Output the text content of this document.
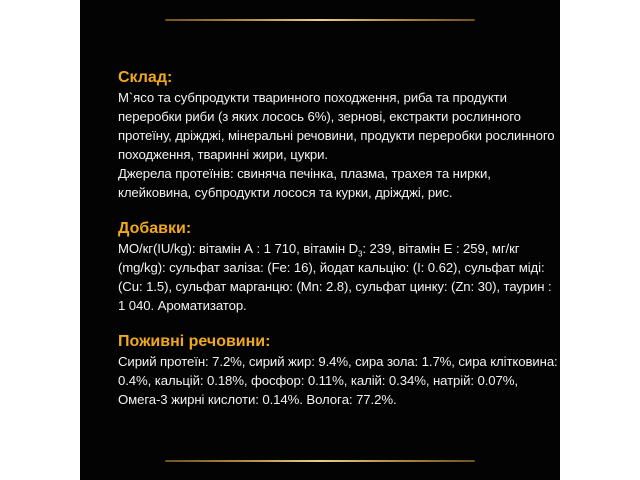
Склад:

М`ясо та субпродукти тваринного походження, риба та продукти переробки риби (з яких лосось 6%), зернові, екстракти рослинного протеїну, дріжджі, мінеральні речовини, продукти переробки рослинного походження, тваринні жири, цукри.

Джерела протеїнів: свиняча печінка, плазма, трахея та нирки, клейковина, субпродукти лосося та курки, дріжджі, рис.

Добавки:

МО/кг(IU/kg): вітамін А : 1 710, вітамін $D_3$: 239, вітамін Е : 259, мг/кг (mg/kg): сульфат заліза: (Fe: 16), йодат кальцію: (I: 0.62), сульфат міді: (Cu: 1.5), сульфат марганцю: (Mn: 2.8), сульфат цинку: (Zn: 30), таурин : 1 040. Ароматизатор.

Поживні речовини:

Сирий протеїн: 7.2%, сирий жир: 9.4%, сира зола: 1.7%, сира клітковина: 0.4%, кальцій: 0.18%, фосфор: 0.11%, калій: 0.34%, натрій: 0.07%, Омега-3 жирні кислоти: 0.14%. Вологa: 77.2%.
